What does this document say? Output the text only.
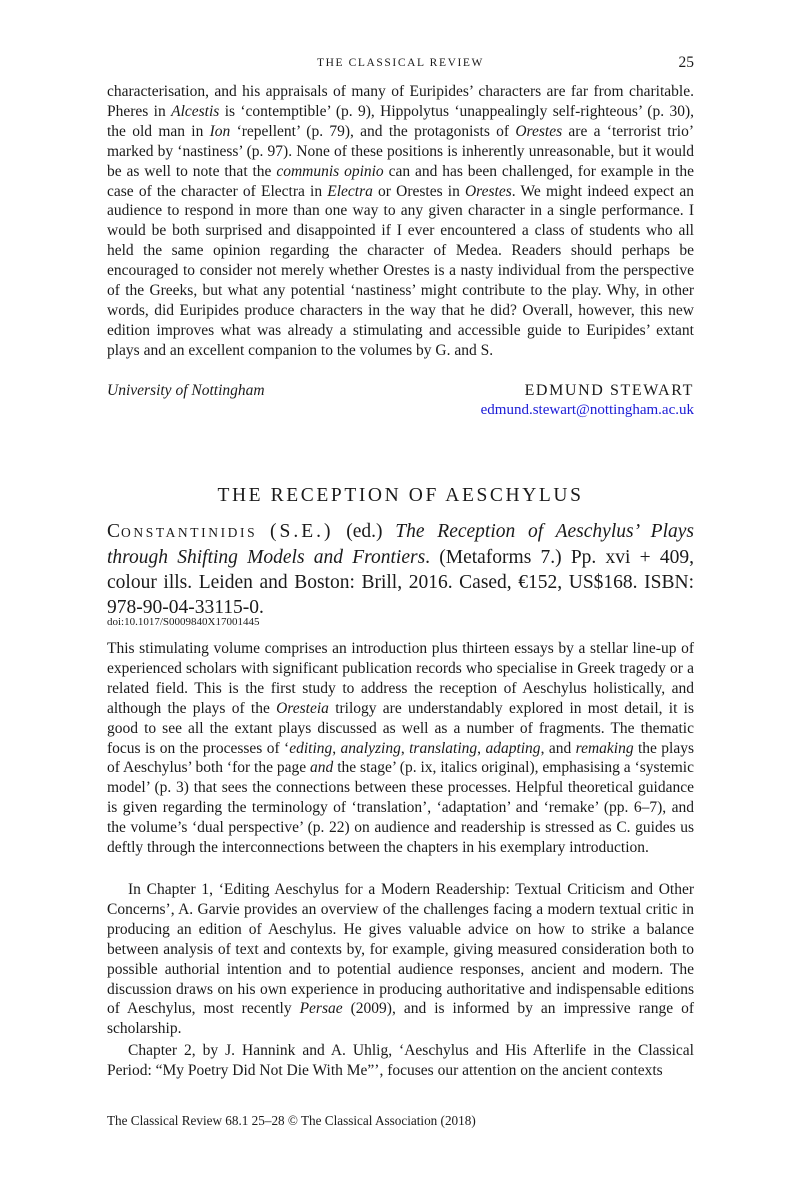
THE CLASSICAL REVIEW	25

characterisation, and his appraisals of many of Euripides’ characters are far from charitable. Pheres in Alcestis is ‘contemptible’ (p. 9), Hippolytus ‘unappealingly self-righteous’ (p. 30), the old man in Ion ‘repellent’ (p. 79), and the protagonists of Orestes are a ‘terrorist trio’ marked by ‘nastiness’ (p. 97). None of these positions is inherently unreasonable, but it would be as well to note that the communis opinio can and has been challenged, for example in the case of the character of Electra in Electra or Orestes in Orestes. We might indeed expect an audience to respond in more than one way to any given character in a single performance. I would be both surprised and disappointed if I ever encountered a class of students who all held the same opinion regarding the character of Medea. Readers should perhaps be encouraged to consider not merely whether Orestes is a nasty individual from the perspective of the Greeks, but what any potential ‘nastiness’ might contribute to the play. Why, in other words, did Euripides produce characters in the way that he did? Overall, however, this new edition improves what was already a stimulating and accessible guide to Euripides’ extant plays and an excellent companion to the volumes by G. and S.

University of Nottingham	EDMUND STEWART
edmund.stewart@nottingham.ac.uk
THE RECEPTION OF AESCHYLUS

CONSTANTINIDIS (S.E.) (ed.) The Reception of Aeschylus’ Plays through Shifting Models and Frontiers. (Metaforms 7.) Pp. xvi + 409, colour ills. Leiden and Boston: Brill, 2016. Cased, €152, US$168. ISBN: 978-90-04-33115-0.

doi:10.1017/S0009840X17001445

This stimulating volume comprises an introduction plus thirteen essays by a stellar line-up of experienced scholars with significant publication records who specialise in Greek tragedy or a related field. This is the first study to address the reception of Aeschylus holistically, and although the plays of the Oresteia trilogy are understandably explored in most detail, it is good to see all the extant plays discussed as well as a number of fragments. The thematic focus is on the processes of ‘editing, analyzing, translating, adapting, and remaking the plays of Aeschylus’ both ‘for the page and the stage’ (p. ix, italics original), emphasising a ‘systemic model’ (p. 3) that sees the connections between these processes. Helpful theoretical guidance is given regarding the terminology of ‘translation’, ‘adaptation’ and ‘remake’ (pp. 6–7), and the volume’s ‘dual perspective’ (p. 22) on audience and readership is stressed as C. guides us deftly through the interconnections between the chapters in his exemplary introduction.

In Chapter 1, ‘Editing Aeschylus for a Modern Readership: Textual Criticism and Other Concerns’, A. Garvie provides an overview of the challenges facing a modern textual critic in producing an edition of Aeschylus. He gives valuable advice on how to strike a balance between analysis of text and contexts by, for example, giving measured consideration both to possible authorial intention and to potential audience responses, ancient and modern. The discussion draws on his own experience in producing authoritative and indispensable editions of Aeschylus, most recently Persae (2009), and is informed by an impressive range of scholarship.

Chapter 2, by J. Hannink and A. Uhlig, ‘Aeschylus and His Afterlife in the Classical Period: “My Poetry Did Not Die With Me”’, focuses our attention on the ancient contexts

The Classical Review 68.1 25–28 © The Classical Association (2018)
